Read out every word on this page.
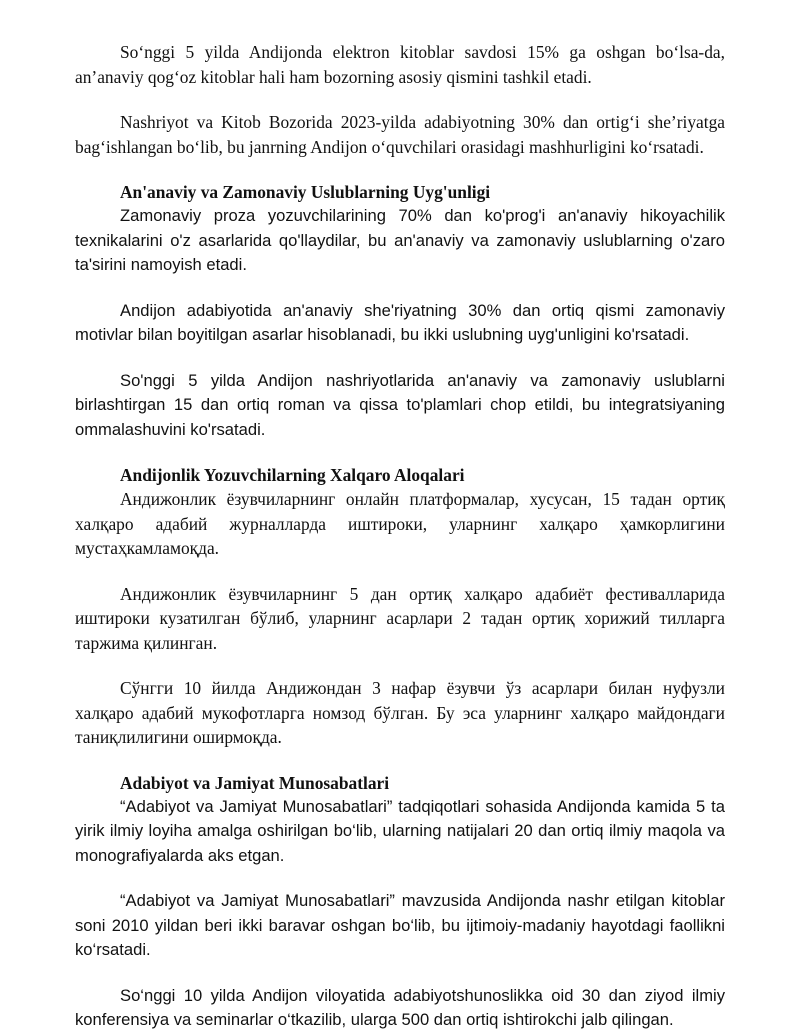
So‘nggi 5 yilda Andijonda elektron kitoblar savdosi 15% ga oshgan bo‘lsa-da, an’anaviy qog‘oz kitoblar hali ham bozorning asosiy qismini tashkil etadi.

Nashriyot va Kitob Bozorida 2023-yilda adabiyotning 30% dan ortig‘i she’riyatga bag‘ishlangan bo‘lib, bu janrning Andijon o‘quvchilari orasidagi mashhurligini ko‘rsatadi.

An'anaviy va Zamonaviy Uslublarning Uyg'unligi

Zamonaviy proza yozuvchilarining 70% dan ko'prog'i an'anaviy hikoyachilik texnikalarini o'z asarlarida qo'llaydilar, bu an'anaviy va zamonaviy uslublarning o'zaro ta'sirini namoyish etadi.

Andijon adabiyotida an'anaviy she'riyatning 30% dan ortiq qismi zamonaviy motivlar bilan boyitilgan asarlar hisoblanadi, bu ikki uslubning uyg'unligini ko'rsatadi.

So'nggi 5 yilda Andijon nashriyotlarida an'anaviy va zamonaviy uslublarni birlashtirgan 15 dan ortiq roman va qissa to'plamlari chop etildi, bu integratsiyaning ommalashuvini ko'rsatadi.

Andijonlik Yozuvchilarning Xalqaro Aloqalari

Андижонлик ёзувчиларнинг онлайн платформалар, хусусан, 15 тадан ортиқ халқаро адабий журналларда иштироки, уларнинг халқаро ҳамкорлигини мустаҳкамламоқда.

Андижонлик ёзувчиларнинг 5 дан ортиқ халқаро адабиёт фестивалларида иштироки кузатилган бўлиб, уларнинг асарлари 2 тадан ортиқ хорижий тилларга таржима қилинган.

Сўнгги 10 йилда Андижондан 3 нафар ёзувчи ўз асарлари билан нуфузли халқаро адабий мукофотларга номзод бўлган. Бу эса уларнинг халқаро майдондаги таниқлилигини оширмоқда.

Adabiyot va Jamiyat Munosabatlari

“Adabiyot va Jamiyat Munosabatlari” tadqiqotlari sohasida Andijonda kamida 5 ta yirik ilmiy loyiha amalga oshirilgan bo‘lib, ularning natijalari 20 dan ortiq ilmiy maqola va monografiyalarda aks etgan.

“Adabiyot va Jamiyat Munosabatlari” mavzusida Andijonda nashr etilgan kitoblar soni 2010 yildan beri ikki baravar oshgan bo‘lib, bu ijtimoiy-madaniy hayotdagi faollikni ko‘rsatadi.

So‘nggi 10 yilda Andijon viloyatida adabiyotshunoslikka oid 30 dan ziyod ilmiy konferensiya va seminarlar o‘tkazilib, ularga 500 dan ortiq ishtirokchi jalb qilingan.
